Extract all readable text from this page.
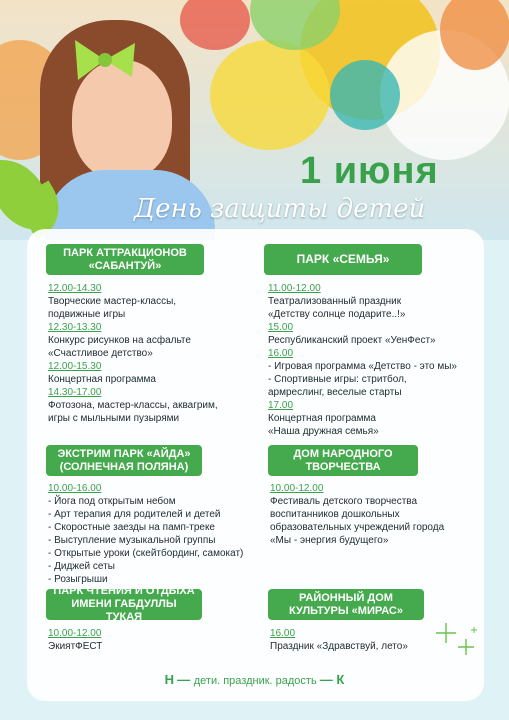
1 июня
День защиты детей
ПАРК АТТРАКЦИОНОВ
«САБАНТУЙ»
12.00-14.30
Творческие мастер-классы,
подвижные игры
12.30-13.30
Конкурс рисунков на асфальте
«Счастливое детство»
12.00-15.30
Концертная программа
14.30-17.00
Фотозона, мастер-классы, аквагрим,
игры с мыльными пузырями
ПАРК «СЕМЬЯ»
11.00-12.00
Театрализованный праздник
«Детству солнце подарите..!»
15.00
Республиканский проект «УенФест»
16.00
- Игровая программа «Детство - это мы»
- Спортивные игры: стритбол,
армреслинг, веселые старты
17.00
Концертная программа
«Наша дружная семья»
ЭКСТРИМ ПАРК «АЙДА»
(СОЛНЕЧНАЯ ПОЛЯНА)
10.00-16.00
- Йога под открытым небом
- Арт терапия для родителей и детей
- Скоростные заезды на памп-треке
- Выступление музыкальной группы
- Открытые уроки (скейтбординг, самокат)
- Диджей сеты
- Розыгрыши
ДОМ НАРОДНОГО
ТВОРЧЕСТВА
10.00-12.00
Фестиваль детского творчества
воспитанников дошкольных
образовательных учреждений города
«Мы - энергия будущего»
ПАРК ЧТЕНИЯ И ОТДЫХА
ИМЕНИ ГАБДУЛЛЫ ТУКАЯ
10.00-12.00
ЭкиятФЕСТ
РАЙОННЫЙ ДОМ
КУЛЬТУРЫ «МИРАС»
16.00
Праздник «Здравствуй, лето»
Н — дети. праздник. радость — К
